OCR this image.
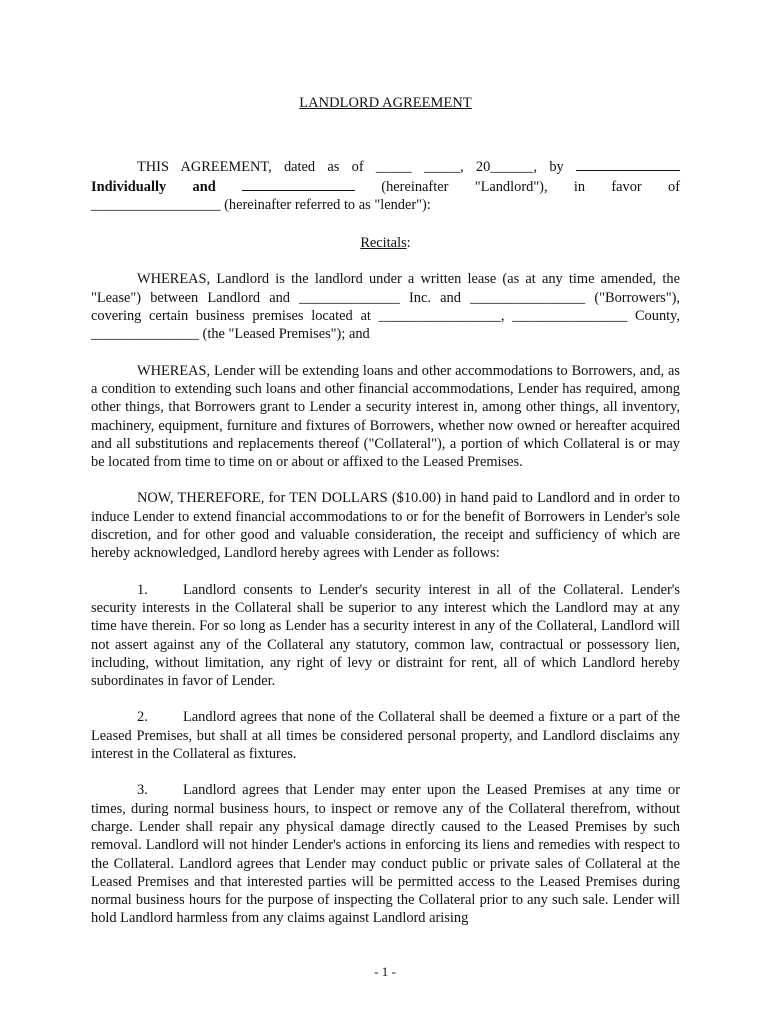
LANDLORD AGREEMENT

THIS AGREEMENT, dated as of _____ _____, 20______, by

Individually and	(hereinafter "Landlord"), in favor of

__________________ (hereinafter referred to as "lender"):

Recitals:

WHEREAS, Landlord is the landlord under a written lease (as at any time amended, the "Lease") between Landlord and ______________ Inc. and ________________ ("Borrowers"), covering certain business premises located at _________________, ________________ County, _______________ (the "Leased Premises"); and

WHEREAS, Lender will be extending loans and other accommodations to Borrowers, and, as a condition to extending such loans and other financial accommodations, Lender has required, among other things, that Borrowers grant to Lender a security interest in, among other things, all inventory, machinery, equipment, furniture and fixtures of Borrowers, whether now owned or hereafter acquired and all substitutions and replacements thereof ("Collateral"), a portion of which Collateral is or may be located from time to time on or about or affixed to the Leased Premises.

NOW, THEREFORE, for TEN DOLLARS ($10.00) in hand paid to Landlord and in order to induce Lender to extend financial accommodations to or for the benefit of Borrowers in Lender's sole discretion, and for other good and valuable consideration, the receipt and sufficiency of which are hereby acknowledged, Landlord hereby agrees with Lender as follows:

1. Landlord consents to Lender's security interest in all of the Collateral. Lender's security interests in the Collateral shall be superior to any interest which the Landlord may at any time have therein. For so long as Lender has a security interest in any of the Collateral, Landlord will not assert against any of the Collateral any statutory, common law, contractual or possessory lien, including, without limitation, any right of levy or distraint for rent, all of which Landlord hereby subordinates in favor of Lender.

2. Landlord agrees that none of the Collateral shall be deemed a fixture or a part of the Leased Premises, but shall at all times be considered personal property, and Landlord disclaims any interest in the Collateral as fixtures.

3. Landlord agrees that Lender may enter upon the Leased Premises at any time or times, during normal business hours, to inspect or remove any of the Collateral therefrom, without charge. Lender shall repair any physical damage directly caused to the Leased Premises by such removal. Landlord will not hinder Lender's actions in enforcing its liens and remedies with respect to the Collateral. Landlord agrees that Lender may conduct public or private sales of Collateral at the Leased Premises and that interested parties will be permitted access to the Leased Premises during normal business hours for the purpose of inspecting the Collateral prior to any such sale. Lender will hold Landlord harmless from any claims against Landlord arising

- 1 -
